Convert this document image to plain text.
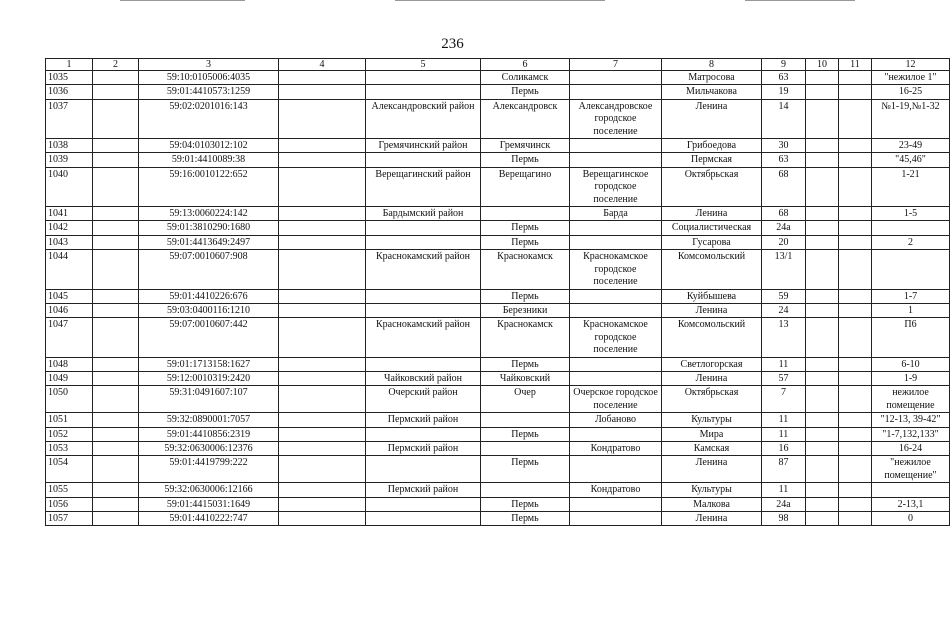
236
1	2	3	4	5	6	7	8	9	10	11	12
1035		59:10:0105006:4035			Соликамск		Матросова	63			"нежилое 1"
1036		59:01:4410573:1259			Пермь		Мильчакова	19			16-25
1037		59:02:0201016:143		Александровский район	Александровск	Александровское городское поселение	Ленина	14			№1-19,№1-32
1038		59:04:0103012:102		Гремячинский район	Гремячинск		Грибоедова	30			23-49
1039		59:01:4410089:38			Пермь		Пермская	63			"45,46"
1040		59:16:0010122:652		Верещагинский район	Верещагино	Верещагинское городское поселение	Октябрьская	68			1-21
1041		59:13:0060224:142		Бардымский район		Барда	Ленина	68			1-5
1042		59:01:3810290:1680			Пермь		Социалистическая	24а			
1043		59:01:4413649:2497			Пермь		Гусарова	20			2
1044		59:07:0010607:908		Краснокамский район	Краснокамск	Краснокамское городское поселение	Комсомольский	13/1			
1045		59:01:4410226:676			Пермь		Куйбышева	59			1-7
1046		59:03:0400116:1210			Березники		Ленина	24			1
1047		59:07:0010607:442		Краснокамский район	Краснокамск	Краснокамское городское поселение	Комсомольский	13			П6
1048		59:01:1713158:1627			Пермь		Светлогорская	11			6-10
1049		59:12:0010319:2420		Чайковский район	Чайковский		Ленина	57			1-9
1050		59:31:0491607:107		Очерский район	Очер	Очерское городское поселение	Октябрьская	7			нежилое помещение
1051		59:32:0890001:7057		Пермский район		Лобаново	Культуры	11			"12-13, 39-42"
1052		59:01:4410856:2319			Пермь		Мира	11			"1-7,132,133"
1053		59:32:0630006:12376		Пермский район		Кондратово	Камская	16			16-24
1054		59:01:4419799:222			Пермь		Ленина	87			"нежилое помещение"
1055		59:32:0630006:12166		Пермский район		Кондратово	Культуры	11			
1056		59:01:4415031:1649			Пермь		Малкова	24а			2-13,1
1057		59:01:4410222:747			Пермь		Ленина	98			0
